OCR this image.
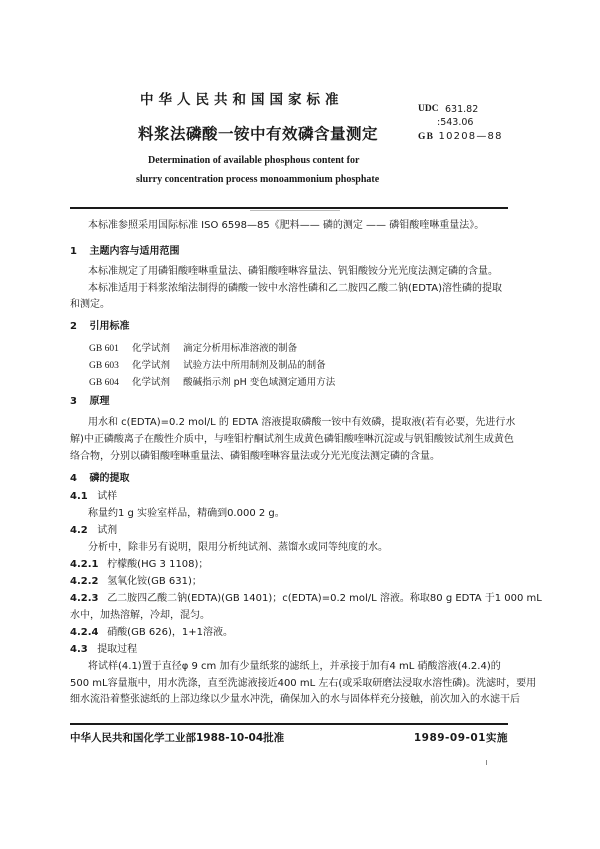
中华人民共和国国家标准
料浆法磷酸一铵中有效磷含量测定
Determination of available phosphous content for
slurry concentration process monoammonium phosphate
UDC 631.82
:543.06
GB 10208—88
本标准参照采用国际标准 ISO 6598—85《肥料—— 磷的测定 —— 磷钼酸喹啉重量法》。
1 主题内容与适用范围
本标准规定了用磷钼酸喹啉重量法、磷钼酸喹啉容量法、钒钼酸铵分光光度法测定磷的含量。
本标准适用于料浆浓缩法制得的磷酸一铵中水溶性磷和乙二胺四乙酸二钠(EDTA)溶性磷的提取
和测定。
2 引用标准
GB 601 化学试剂 滴定分析用标准溶液的制备
GB 603 化学试剂 试验方法中所用制剂及制品的制备
GB 604 化学试剂 酸碱指示剂 pH 变色域测定通用方法
3 原理
用水和 c(EDTA)=0.2 mol/L 的 EDTA 溶液提取磷酸一铵中有效磷，提取液(若有必要，先进行水
解)中正磷酸离子在酸性介质中，与喹钼柠酮试剂生成黄色磷钼酸喹啉沉淀或与钒钼酸铵试剂生成黄色
络合物，分别以磷钼酸喹啉重量法、磷钼酸喹啉容量法或分光光度法测定磷的含量。
4 磷的提取
4.1 试样
称量约1 g 实验室样品，精确到0.000 2 g。
4.2 试剂
分析中，除非另有说明，限用分析纯试剂、蒸馏水或同等纯度的水。
4.2.1 柠檬酸(HG 3 1108)；
4.2.2 氢氧化铵(GB 631)；
4.2.3 乙二胺四乙酸二钠(EDTA)(GB 1401)；c(EDTA)=0.2 mol/L 溶液。称取80 g EDTA 于1 000 mL
水中，加热溶解，冷却，混匀。
4.2.4 硝酸(GB 626)，1+1溶液。
4.3 提取过程
将试样(4.1)置于直径φ 9 cm 加有少量纸浆的滤纸上，并承接于加有4 mL 硝酸溶液(4.2.4)的
500 mL容量瓶中，用水洗涤，直至洗滤液接近400 mL 左右(或采取研磨法浸取水溶性磷)。洗滤时，要用
细水流沿着整张滤纸的上部边缘以少量水冲洗，确保加入的水与固体样充分接触，前次加入的水滤干后
中华人民共和国化学工业部1988-10-04批准	1989-09-01实施
